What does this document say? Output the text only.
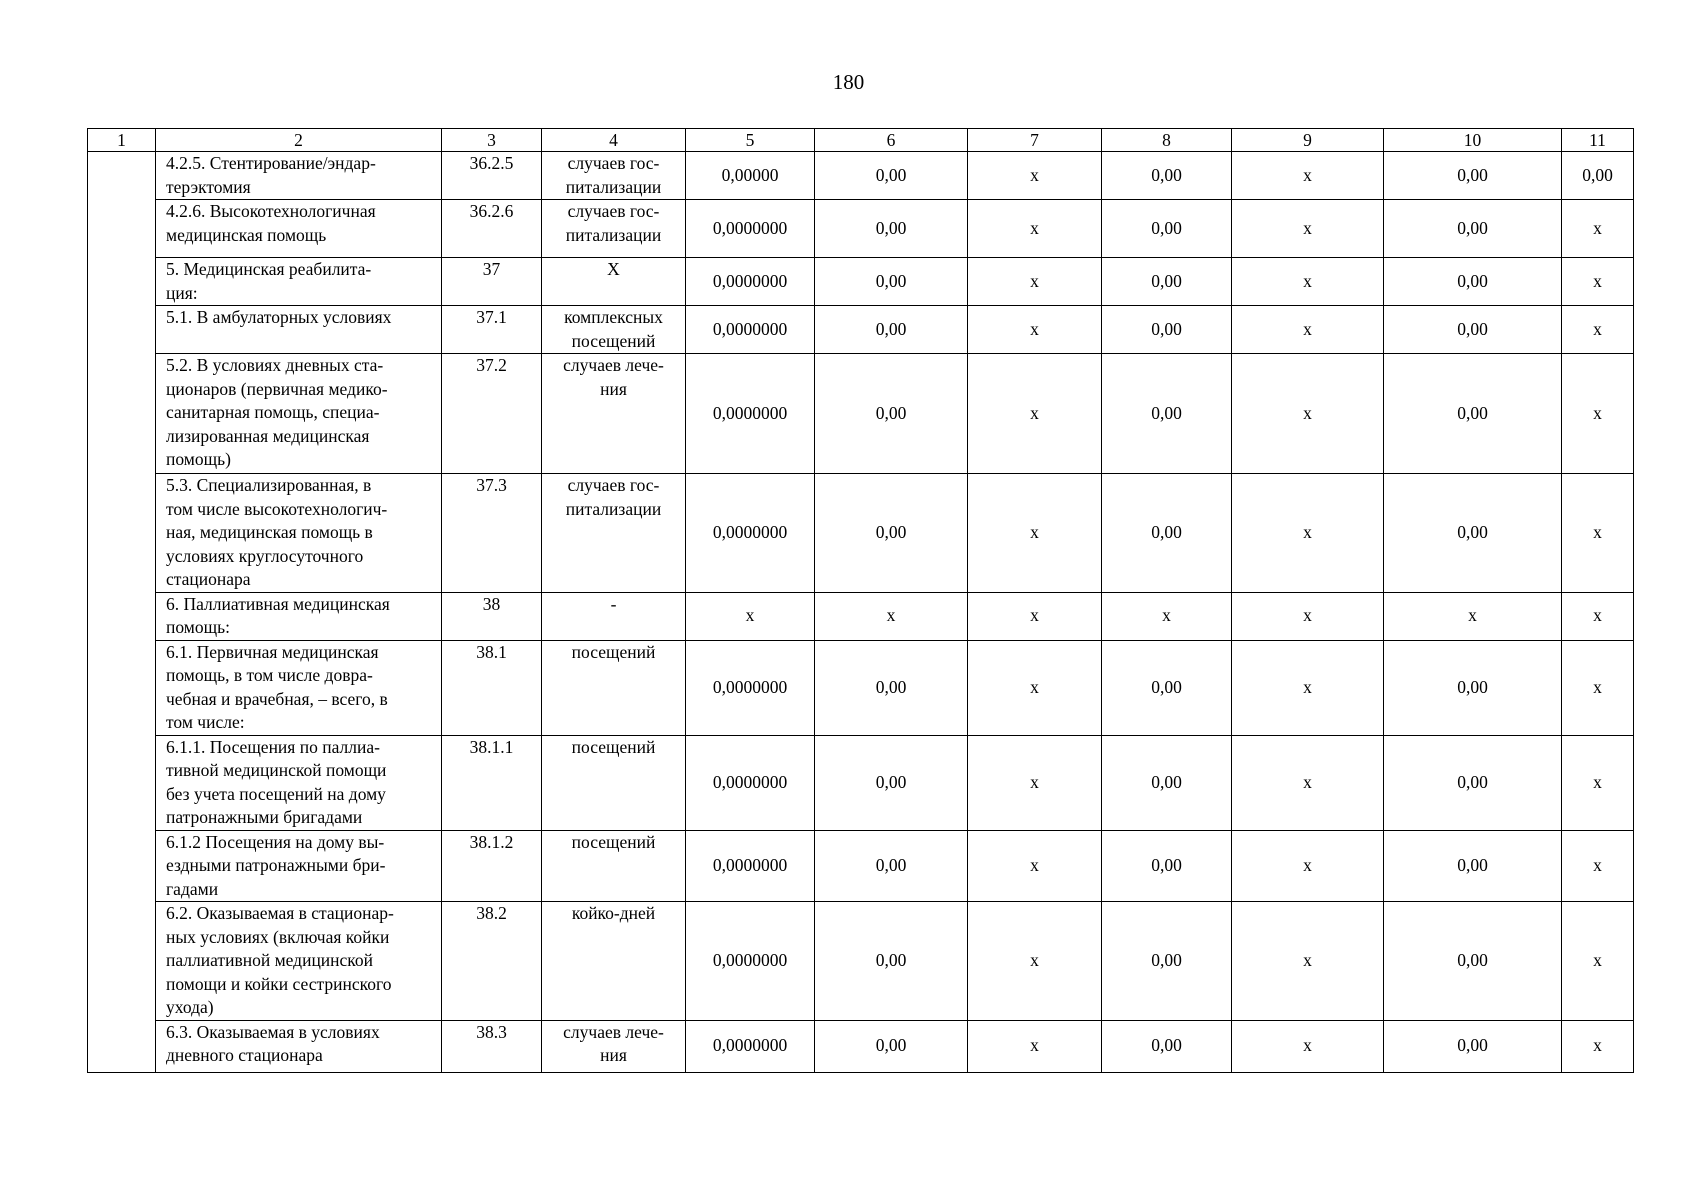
180
1	2	3	4	5	6	7	8	9	10	11
	4.2.5. Стентирование/эндар-
терэктомия	36.2.5	случаев гос-
питализации	0,00000	0,00	х	0,00	х	0,00	0,00
	4.2.6. Высокотехнологичная
медицинская помощь	36.2.6	случаев гос-
питализации	0,0000000	0,00	х	0,00	х	0,00	х
	5. Медицинская реабилита-
ция:	37	Х	0,0000000	0,00	х	0,00	х	0,00	х
	5.1. В амбулаторных условиях	37.1	комплексных
посещений	0,0000000	0,00	х	0,00	х	0,00	х
	5.2. В условиях дневных ста-
ционаров (первичная медико-
санитарная помощь, специа-
лизированная медицинская
помощь)	37.2	случаев лече-
ния	0,0000000	0,00	х	0,00	х	0,00	х
	5.3. Специализированная, в
том числе высокотехнологич-
ная, медицинская помощь в
условиях круглосуточного
стационара	37.3	случаев гос-
питализации	0,0000000	0,00	х	0,00	х	0,00	х
	6. Паллиативная медицинская
помощь:	38	-	х	х	х	х	х	х	х
	6.1. Первичная медицинская
помощь, в том числе довра-
чебная и врачебная, – всего, в
том числе:	38.1	посещений	0,0000000	0,00	х	0,00	х	0,00	х
	6.1.1. Посещения по паллиа-
тивной медицинской помощи
без учета посещений на дому
патронажными бригадами	38.1.1	посещений	0,0000000	0,00	х	0,00	х	0,00	х
	6.1.2 Посещения на дому вы-
ездными патронажными бри-
гадами	38.1.2	посещений	0,0000000	0,00	х	0,00	х	0,00	х
	6.2. Оказываемая в стационар-
ных условиях (включая койки
паллиативной медицинской
помощи и койки сестринского
ухода)	38.2	койко-дней	0,0000000	0,00	х	0,00	х	0,00	х
	6.3. Оказываемая в условиях
дневного стационара	38.3	случаев лече-
ния	0,0000000	0,00	х	0,00	х	0,00	х
